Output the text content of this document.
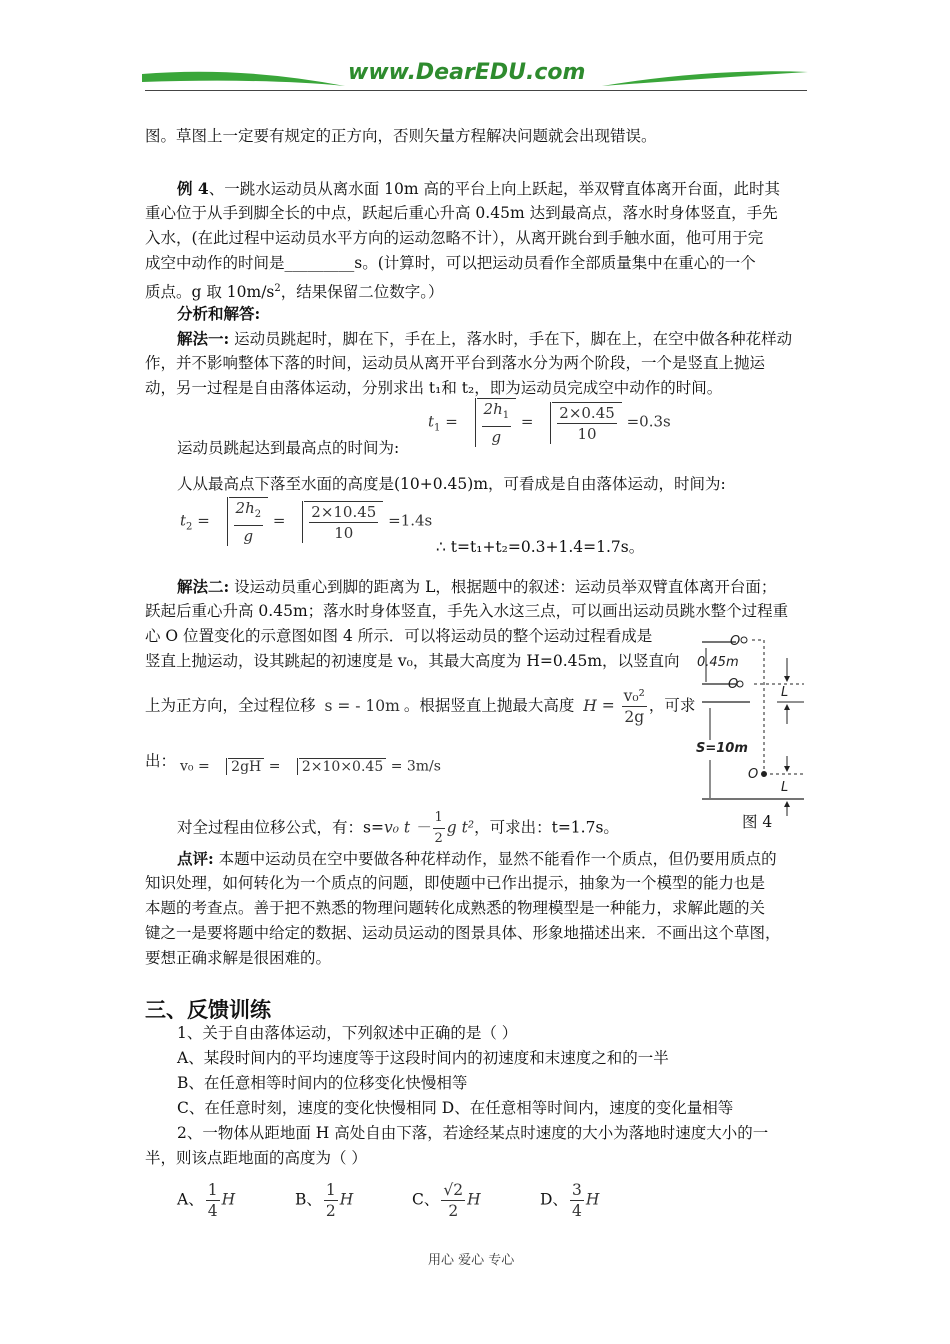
www.DearEDU.com
图。草图上一定要有规定的正方向，否则矢量方程解决问题就会出现错误。
例 4、一跳水运动员从离水面 10m 高的平台上向上跃起，举双臂直体离开台面，此时其
重心位于从手到脚全长的中点，跃起后重心升高 0.45m 达到最高点，落水时身体竖直，手先
入水，(在此过程中运动员水平方向的运动忽略不计），从离开跳台到手触水面，他可用于完
成空中动作的时间是_________s。(计算时，可以把运动员看作全部质量集中在重心的一个
质点。g 取 $10m/s^2$，结果保留二位数字。）
分析和解答:
解法一: 运动员跳起时，脚在下，手在上，落水时，手在下，脚在上，在空中做各种花样动
作，并不影响整体下落的时间，运动员从离开平台到落水分为两个阶段，一个是竖直上抛运
动，另一过程是自由落体运动，分别求出 t₁和 t₂，即为运动员完成空中动作的时间。
运动员跳起达到最高点的时间为:
$t_1 = \frac{2h_1}{g} = \frac{2\times 0.45}{10} =0.3s$
人从最高点下落至水面的高度是(10+0.45)m，可看成是自由落体运动，时间为:
$t_2 = \frac{2h_2}{g} = \frac{2\times 10.45}{10} =1.4s$
∴ t=t₁+t₂=0.3+1.4=1.7s。
解法二: 设运动员重心到脚的距离为 L，根据题中的叙述：运动员举双臂直体离开台面；
跃起后重心升高 0.45m；落水时身体竖直，手先入水这三点，可以画出运动员跳水整个过程重
心 O 位置变化的示意图如图 4 所示．可以将运动员的整个运动过程看成是
竖直上抛运动，设其跳起的初速度是 v₀，其最大高度为 H=0.45m，以竖直向
上为正方向，全过程位移 s = - 10m 。根据竖直上抛最大高度 $H = \frac{\text{v₀²}}{2g}$ ，可求
出： v₀ = 2gH = 2×10×0.45 = 3m/s
对全过程由位移公式，有：s=v₀ $t - \frac{1}{2}$ g t²，可求出：t=1.7s。
O
0.45m
O
L
S=10m
O
L
图 4
点评: 本题中运动员在空中要做各种花样动作，显然不能看作一个质点，但仍要用质点的
知识处理，如何转化为一个质点的问题，即使题中已作出提示，抽象为一个模型的能力也是
本题的考查点。善于把不熟悉的物理问题转化成熟悉的物理模型是一种能力，求解此题的关
键之一是要将题中给定的数据、运动员运动的图景具体、形象地描述出来．不画出这个草图，
要想正确求解是很困难的。
三、反馈训练
1、关于自由落体运动，下列叙述中正确的是（ ）
A、某段时间内的平均速度等于这段时间内的初速度和末速度之和的一半
B、在任意相等时间内的位移变化快慢相等
C、在任意时刻，速度的变化快慢相同 D、在任意相等时间内，速度的变化量相等
2、一物体从距地面 H 高处自由下落，若途经某点时速度的大小为落地时速度大小的一
半，则该点距地面的高度为（ ）
A、 $\frac{1}{4}$ H	B、 $\frac{1}{2}$ H	C、 $\frac{√2}{2}$ H	D、 $\frac{3}{4}$ H
用心 爱心 专心
